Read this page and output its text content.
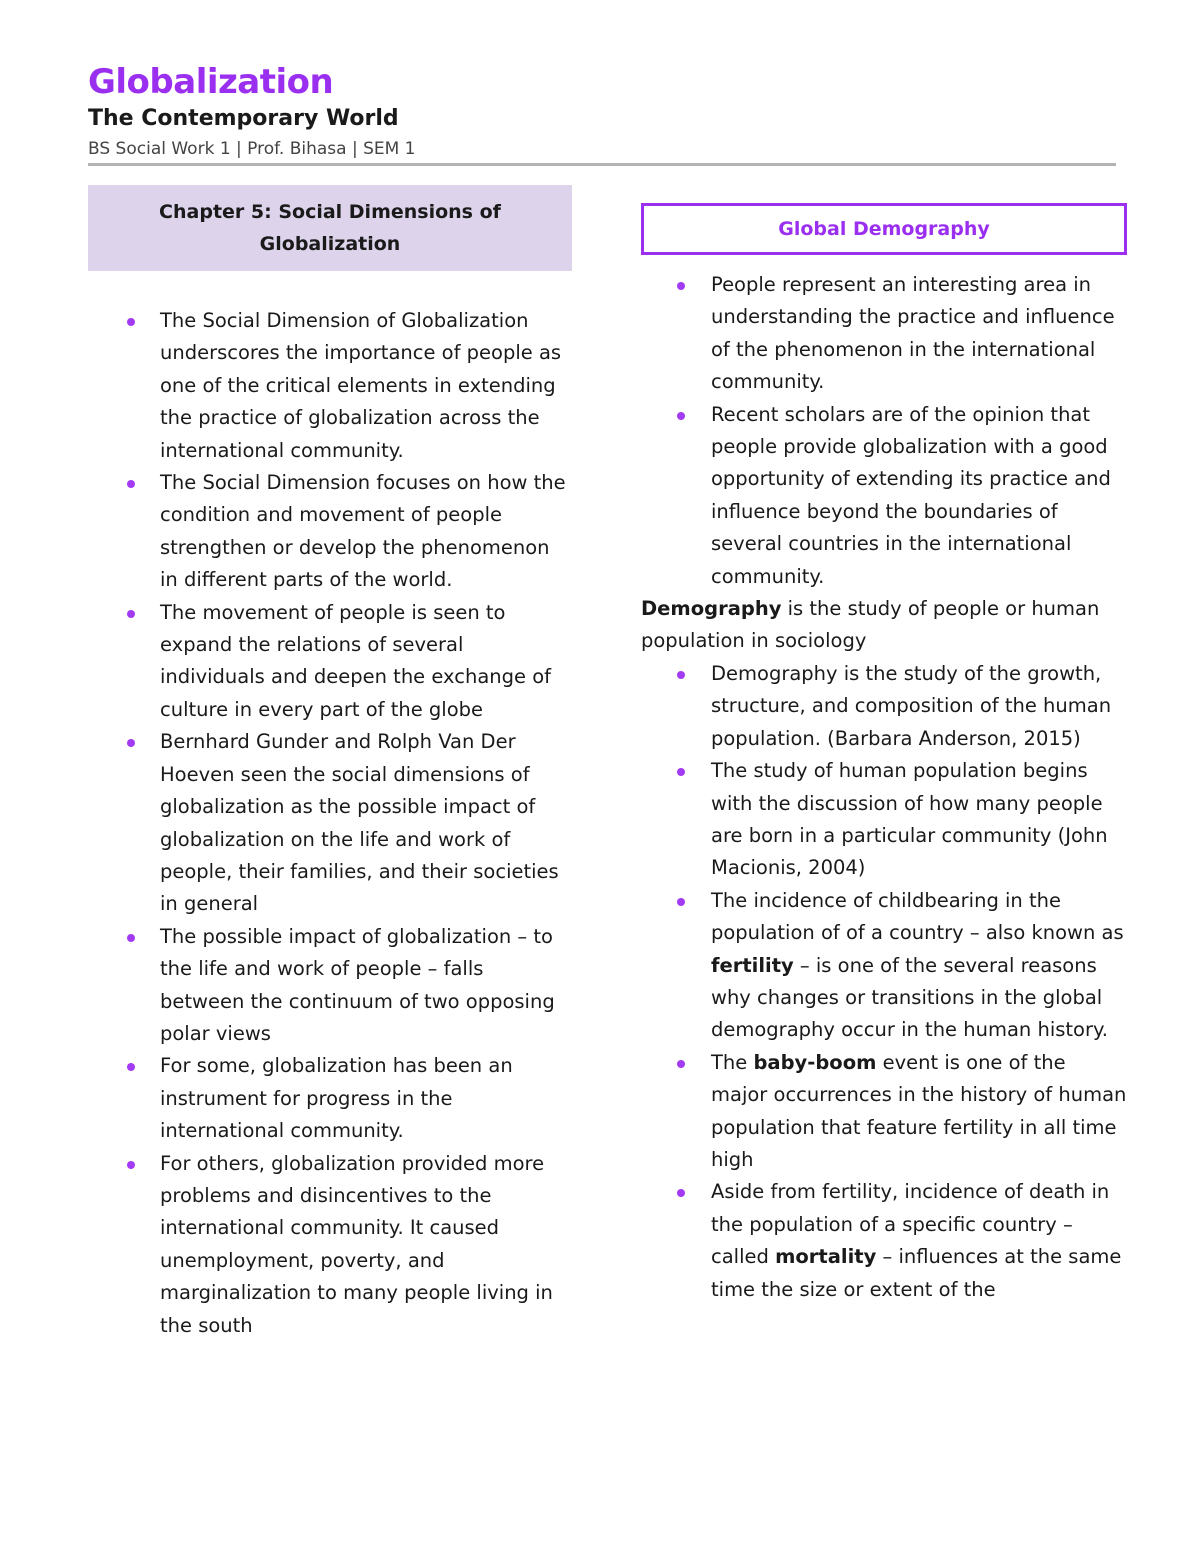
Globalization
The Contemporary World
BS Social Work 1 | Prof. Bihasa | SEM 1
Chapter 5: Social Dimensions of
Globalization
The Social Dimension of Globalization underscores the importance of people as one of the critical elements in extending the practice of globalization across the international community.
The Social Dimension focuses on how the condition and movement of people strengthen or develop the phenomenon in different parts of the world.
The movement of people is seen to expand the relations of several individuals and deepen the exchange of culture in every part of the globe
Bernhard Gunder and Rolph Van Der Hoeven seen the social dimensions of globalization as the possible impact of globalization on the life and work of people, their families, and their societies in general
The possible impact of globalization – to the life and work of people – falls between the continuum of two opposing polar views
For some, globalization has been an instrument for progress in the international community.
For others, globalization provided more problems and disincentives to the international community. It caused unemployment, poverty, and marginalization to many people living in the south
Global Demography
People represent an interesting area in understanding the practice and influence of the phenomenon in the international community.
Recent scholars are of the opinion that people provide globalization with a good opportunity of extending its practice and influence beyond the boundaries of several countries in the international community.
Demography is the study of people or human population in sociology
Demography is the study of the growth, structure, and composition of the human population. (Barbara Anderson, 2015)
The study of human population begins with the discussion of how many people are born in a particular community (John Macionis, 2004)
The incidence of childbearing in the population of of a country – also known as fertility – is one of the several reasons why changes or transitions in the global demography occur in the human history.
The baby-boom event is one of the major occurrences in the history of human population that feature fertility in all time high
Aside from fertility, incidence of death in the population of a specific country – called mortality – influences at the same time the size or extent of the
